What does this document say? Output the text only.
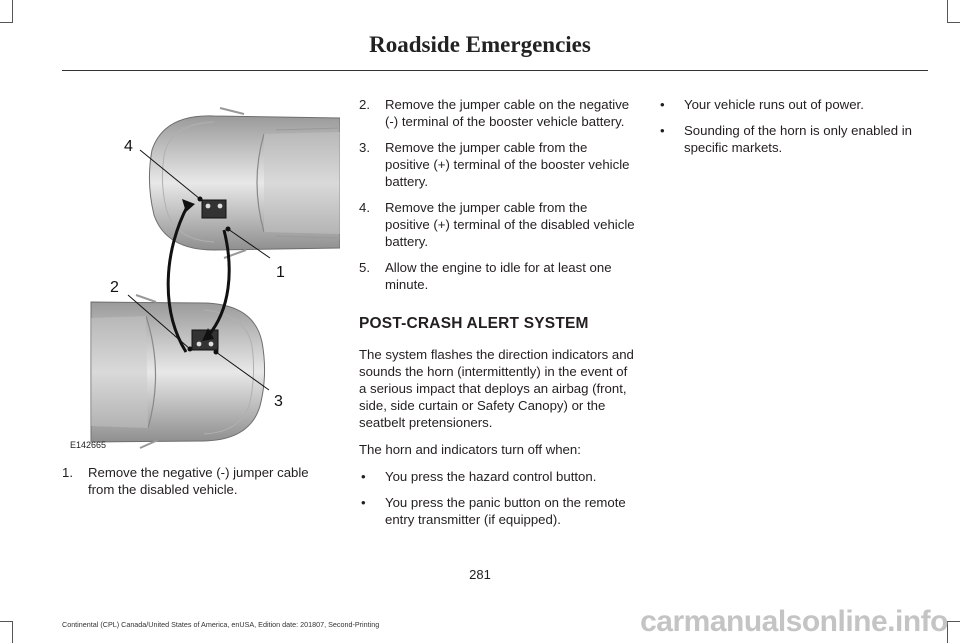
Roadside Emergencies
4
1
2
3
E142665
1. Remove the negative (-) jumper cable from the disabled vehicle.
2. Remove the jumper cable on the negative (-) terminal of the booster vehicle battery.
3. Remove the jumper cable from the positive (+) terminal of the booster vehicle battery.
4. Remove the jumper cable from the positive (+) terminal of the disabled vehicle battery.
5. Allow the engine to idle for at least one minute.
POST-CRASH ALERT SYSTEM

The system flashes the direction indicators and sounds the horn (intermittently) in the event of a serious impact that deploys an airbag (front, side, side curtain or Safety Canopy) or the seatbelt pretensioners.

The horn and indicators turn off when:

• You press the hazard control button.
• You press the panic button on the remote entry transmitter (if equipped).
• Your vehicle runs out of power.
• Sounding of the horn is only enabled in specific markets.
281
Continental (CPL) Canada/United States of America, enUSA, Edition date: 201807, Second-Printing	carmanualsonline.info
